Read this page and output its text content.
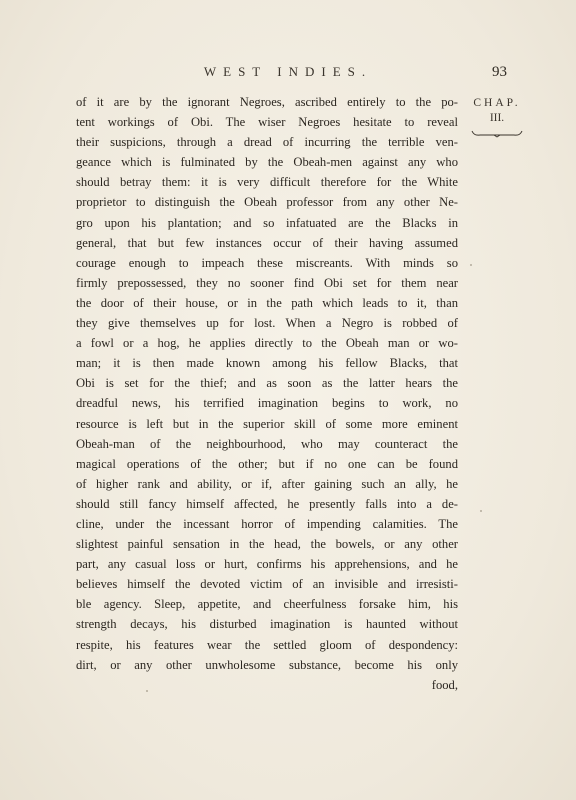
WEST INDIES.	93
CHAP.
III.
of it are by the ignorant Negroes, ascribed entirely to the po-
tent workings of Obi. The wiser Negroes hesitate to reveal
their suspicions, through a dread of incurring the terrible ven-
geance which is fulminated by the Obeah-men against any who
should betray them: it is very difficult therefore for the White
proprietor to distinguish the Obeah professor from any other Ne-
gro upon his plantation; and so infatuated are the Blacks in
general, that but few instances occur of their having assumed
courage enough to impeach these miscreants. With minds so
firmly prepossessed, they no sooner find Obi set for them near
the door of their house, or in the path which leads to it, than
they give themselves up for lost. When a Negro is robbed of
a fowl or a hog, he applies directly to the Obeah man or wo-
man; it is then made known among his fellow Blacks, that
Obi is set for the thief; and as soon as the latter hears the
dreadful news, his terrified imagination begins to work, no
resource is left but in the superior skill of some more eminent
Obeah-man of the neighbourhood, who may counteract the
magical operations of the other; but if no one can be found
of higher rank and ability, or if, after gaining such an ally, he
should still fancy himself affected, he presently falls into a de-
cline, under the incessant horror of impending calamities. The
slightest painful sensation in the head, the bowels, or any other
part, any casual loss or hurt, confirms his apprehensions, and he
believes himself the devoted victim of an invisible and irresisti-
ble agency. Sleep, appetite, and cheerfulness forsake him, his
strength decays, his disturbed imagination is haunted without
respite, his features wear the settled gloom of despondency:
dirt, or any other unwholesome substance, become his only
food,
